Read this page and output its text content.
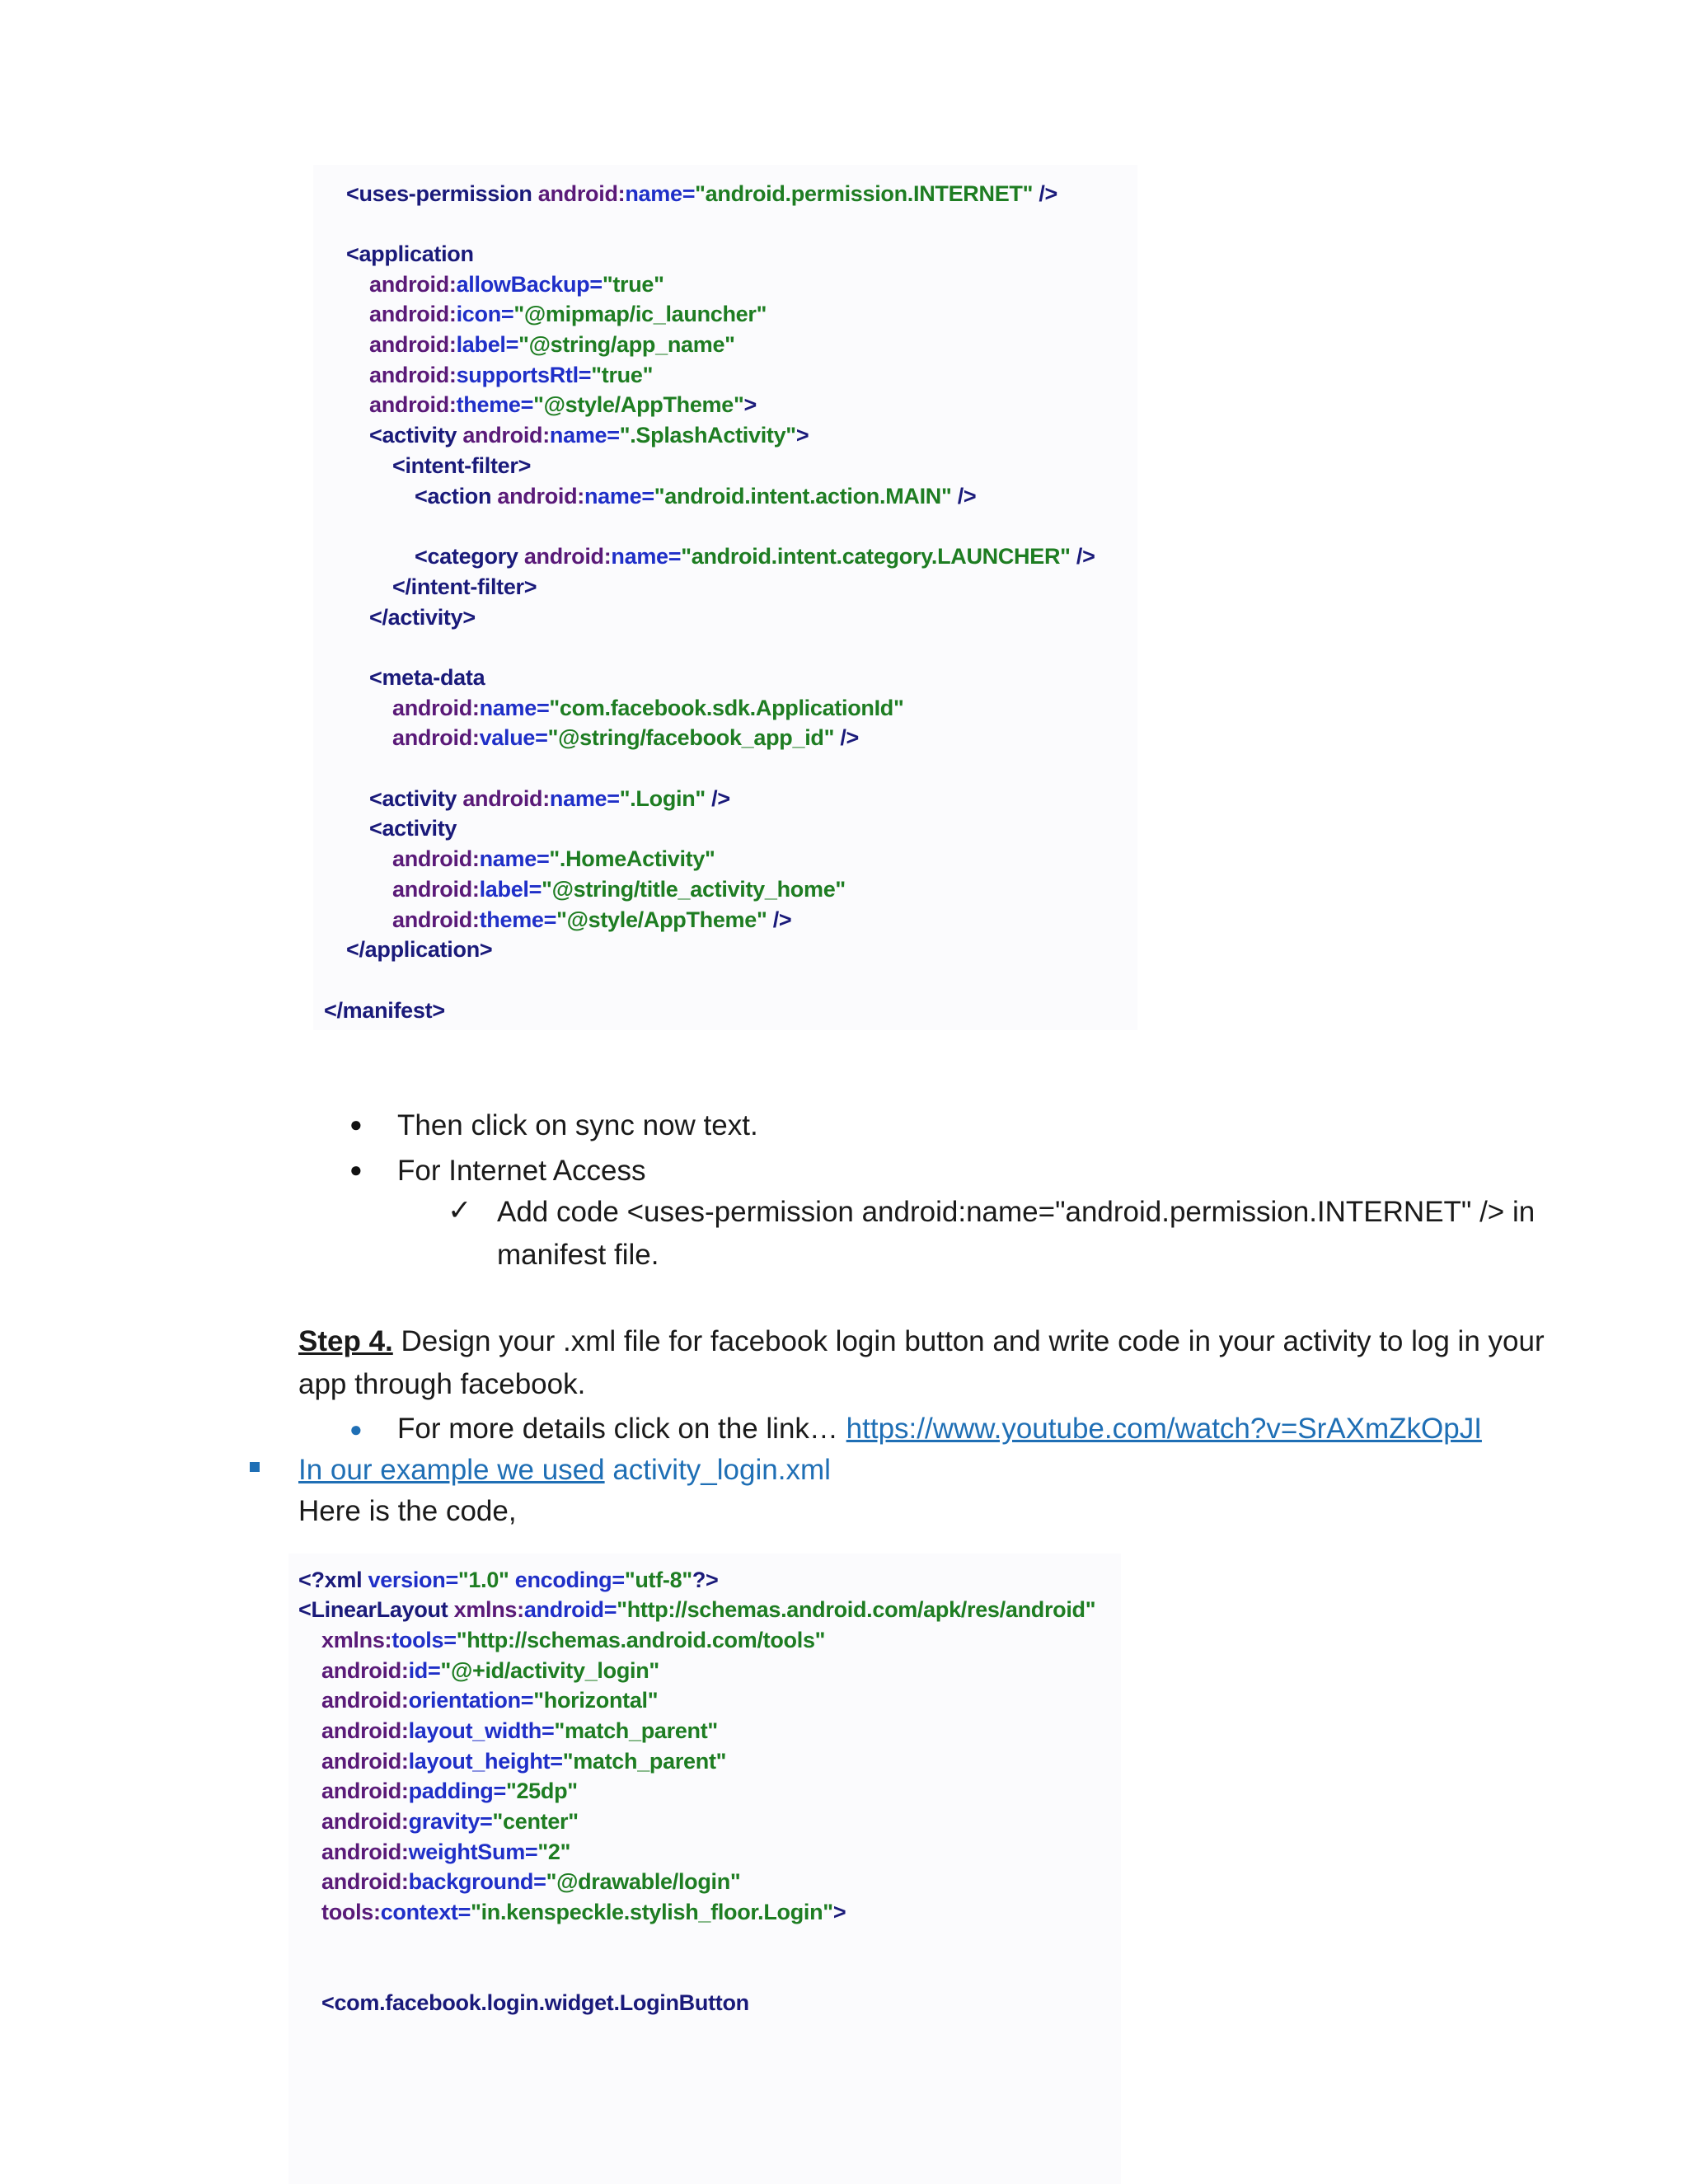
<uses-permission android:name="android.permission.INTERNET" />
<application
android:allowBackup="true"
android:icon="@mipmap/ic_launcher"
android:label="@string/app_name"
android:supportsRtl="true"
android:theme="@style/AppTheme">
<activity android:name=".SplashActivity">
<intent-filter>
<action android:name="android.intent.action.MAIN" />
<category android:name="android.intent.category.LAUNCHER" />
</intent-filter>
</activity>
<meta-data
android:name="com.facebook.sdk.ApplicationId"
android:value="@string/facebook_app_id" />
<activity android:name=".Login" />
<activity
android:name=".HomeActivity"
android:label="@string/title_activity_home"
android:theme="@style/AppTheme" />
</application>
</manifest>
● Then click on sync now text.
● For Internet Access
✓ Add code <uses-permission android:name="android.permission.INTERNET" /> in
manifest file.
Step 4. Design your .xml file for facebook login button and write code in your activity to log in your
app through facebook.
● For more details click on the link… https://www.youtube.com/watch?v=SrAXmZkOpJI
In our example we used activity_login.xml
Here is the code,
<?xml version="1.0" encoding="utf-8"?>
<LinearLayout xmlns:android="http://schemas.android.com/apk/res/android"
xmlns:tools="http://schemas.android.com/tools"
android:id="@+id/activity_login"
android:orientation="horizontal"
android:layout_width="match_parent"
android:layout_height="match_parent"
android:padding="25dp"
android:gravity="center"
android:weightSum="2"
android:background="@drawable/login"
tools:context="in.kenspeckle.stylish_floor.Login">
<com.facebook.login.widget.LoginButton
